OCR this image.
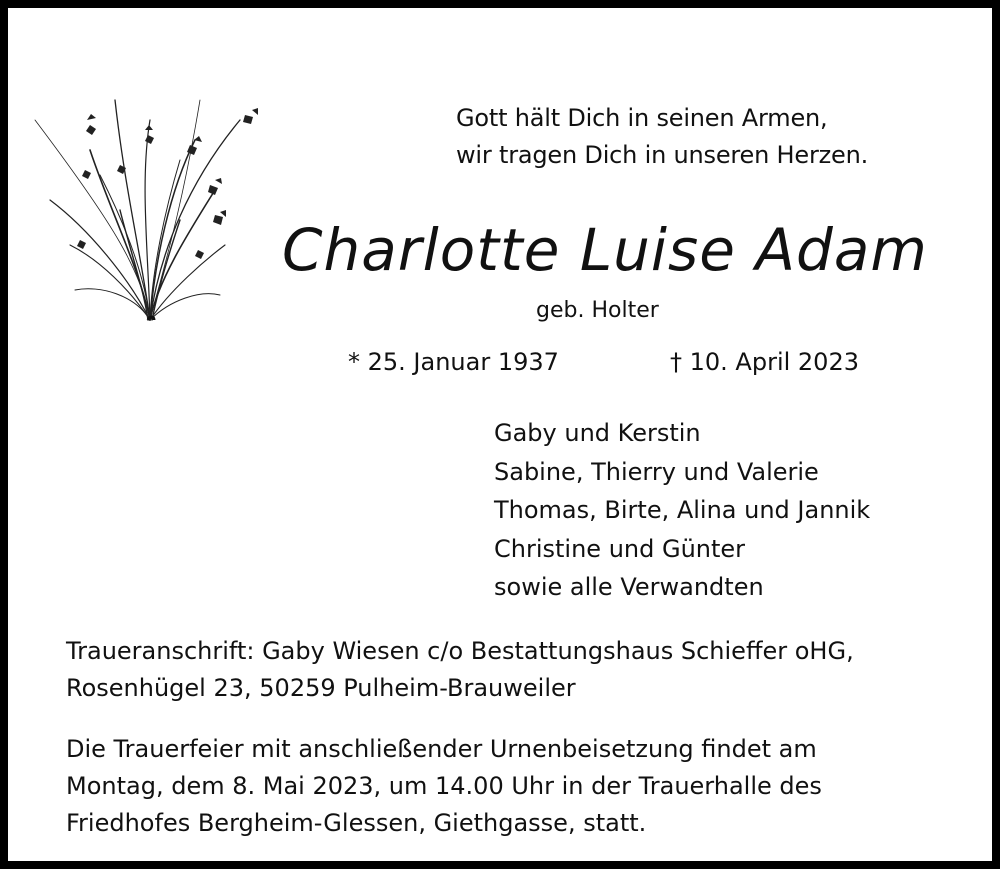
Gott hält Dich in seinen Armen,
wir tragen Dich in unseren Herzen.
Charlotte Luise Adam
geb. Holter
* 25. Januar 1937	† 10. April 2023
Gaby und Kerstin
Sabine, Thierry und Valerie
Thomas, Birte, Alina und Jannik
Christine und Günter
sowie alle Verwandten
Traueranschrift: Gaby Wiesen c/o Bestattungshaus Schieffer oHG,
Rosenhügel 23, 50259 Pulheim-Brauweiler
Die Trauerfeier mit anschließender Urnenbeisetzung findet am
Montag, dem 8. Mai 2023, um 14.00 Uhr in der Trauerhalle des
Friedhofes Bergheim-Glessen, Giethgasse, statt.
